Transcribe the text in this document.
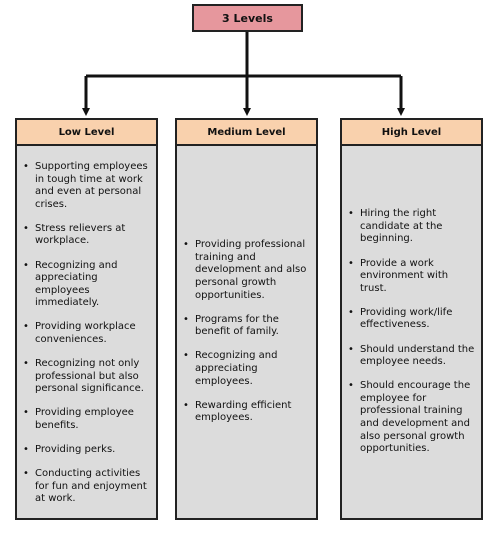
3 Levels
Low Level
• Supporting employees in tough time at work and even at personal crises.
• Stress relievers at workplace.
• Recognizing and appreciating employees immediately.
• Providing workplace conveniences.
• Recognizing not only professional but also personal significance.
• Providing employee benefits.
• Providing perks.
• Conducting activities for fun and enjoyment at work.
Medium Level
• Providing professional training and development and also personal growth opportunities.
• Programs for the benefit of family.
• Recognizing and appreciating employees.
• Rewarding efficient employees.
High Level
• Hiring the right candidate at the beginning.
• Provide a work environment with trust.
• Providing work/life effectiveness.
• Should understand the employee needs.
• Should encourage the employee for professional training and development and also personal growth opportunities.
